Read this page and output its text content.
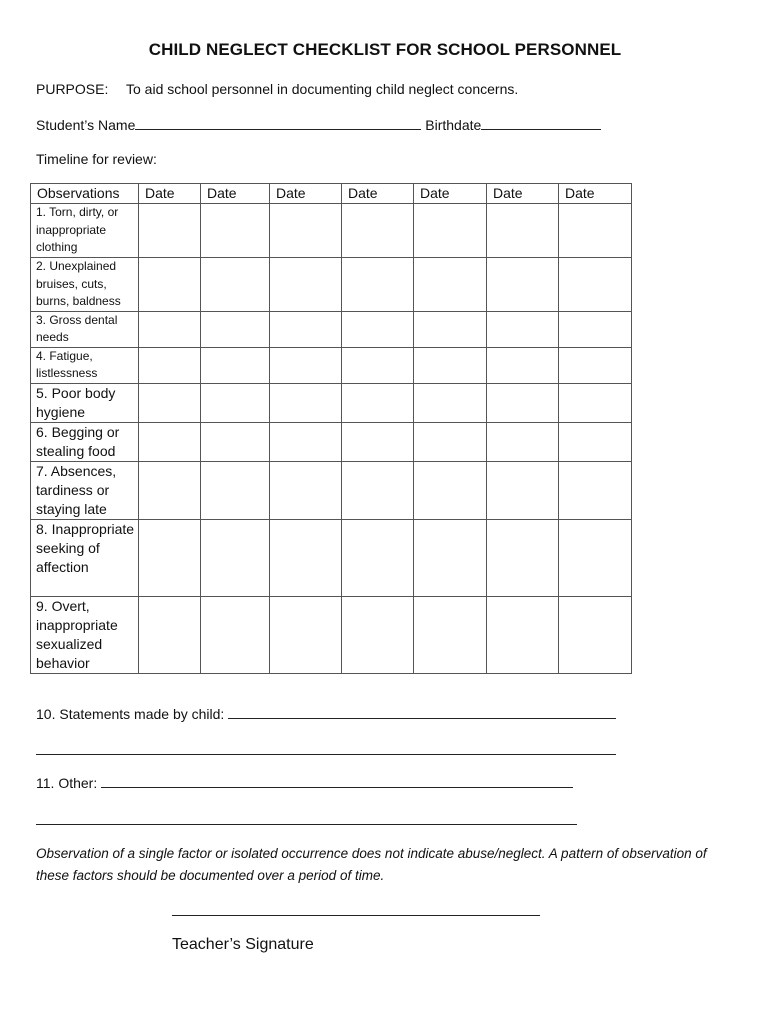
CHILD NEGLECT CHECKLIST FOR SCHOOL PERSONNEL
PURPOSE: To aid school personnel in documenting child neglect concerns.
Student’s Name	Birthdate
Timeline for review:
Observations	Date	Date	Date	Date	Date	Date	Date
1. Torn, dirty, or inappropriate clothing							
2. Unexplained bruises, cuts, burns, baldness							
3. Gross dental needs							
4. Fatigue, listlessness							
5. Poor body hygiene							
6. Begging or stealing food							
7. Absences, tardiness or staying late							
8. Inappropriate seeking of affection							
9. Overt, inappropriate sexualized behavior							
10. Statements made by child:
11. Other:
Observation of a single factor or isolated occurrence does not indicate abuse/neglect. A pattern of observation of these factors should be documented over a period of time.
Teacher’s Signature
